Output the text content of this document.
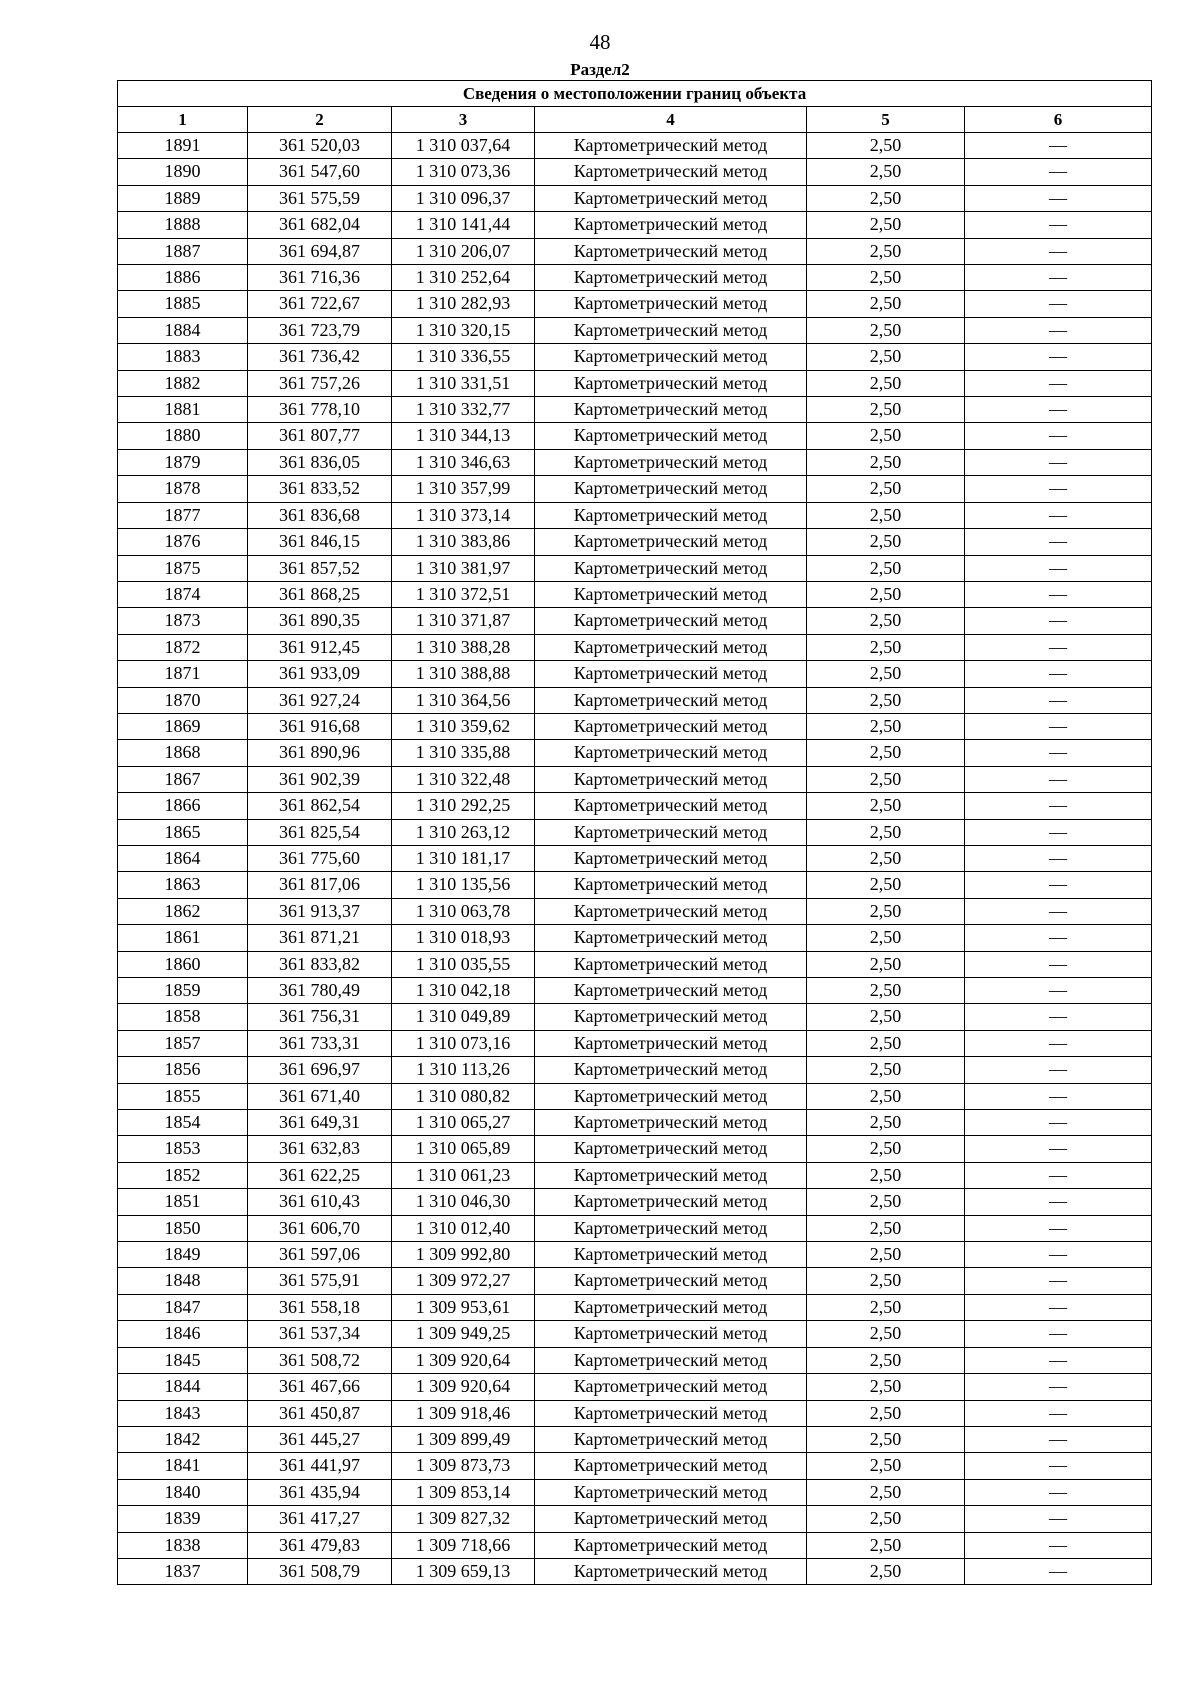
48
Раздел2
Сведения о местоположении границ объекта					
1	2	3	4	5	6
1891	361 520,03	1 310 037,64	Картометрический метод	2,50	—
1890	361 547,60	1 310 073,36	Картометрический метод	2,50	—
1889	361 575,59	1 310 096,37	Картометрический метод	2,50	—
1888	361 682,04	1 310 141,44	Картометрический метод	2,50	—
1887	361 694,87	1 310 206,07	Картометрический метод	2,50	—
1886	361 716,36	1 310 252,64	Картометрический метод	2,50	—
1885	361 722,67	1 310 282,93	Картометрический метод	2,50	—
1884	361 723,79	1 310 320,15	Картометрический метод	2,50	—
1883	361 736,42	1 310 336,55	Картометрический метод	2,50	—
1882	361 757,26	1 310 331,51	Картометрический метод	2,50	—
1881	361 778,10	1 310 332,77	Картометрический метод	2,50	—
1880	361 807,77	1 310 344,13	Картометрический метод	2,50	—
1879	361 836,05	1 310 346,63	Картометрический метод	2,50	—
1878	361 833,52	1 310 357,99	Картометрический метод	2,50	—
1877	361 836,68	1 310 373,14	Картометрический метод	2,50	—
1876	361 846,15	1 310 383,86	Картометрический метод	2,50	—
1875	361 857,52	1 310 381,97	Картометрический метод	2,50	—
1874	361 868,25	1 310 372,51	Картометрический метод	2,50	—
1873	361 890,35	1 310 371,87	Картометрический метод	2,50	—
1872	361 912,45	1 310 388,28	Картометрический метод	2,50	—
1871	361 933,09	1 310 388,88	Картометрический метод	2,50	—
1870	361 927,24	1 310 364,56	Картометрический метод	2,50	—
1869	361 916,68	1 310 359,62	Картометрический метод	2,50	—
1868	361 890,96	1 310 335,88	Картометрический метод	2,50	—
1867	361 902,39	1 310 322,48	Картометрический метод	2,50	—
1866	361 862,54	1 310 292,25	Картометрический метод	2,50	—
1865	361 825,54	1 310 263,12	Картометрический метод	2,50	—
1864	361 775,60	1 310 181,17	Картометрический метод	2,50	—
1863	361 817,06	1 310 135,56	Картометрический метод	2,50	—
1862	361 913,37	1 310 063,78	Картометрический метод	2,50	—
1861	361 871,21	1 310 018,93	Картометрический метод	2,50	—
1860	361 833,82	1 310 035,55	Картометрический метод	2,50	—
1859	361 780,49	1 310 042,18	Картометрический метод	2,50	—
1858	361 756,31	1 310 049,89	Картометрический метод	2,50	—
1857	361 733,31	1 310 073,16	Картометрический метод	2,50	—
1856	361 696,97	1 310 113,26	Картометрический метод	2,50	—
1855	361 671,40	1 310 080,82	Картометрический метод	2,50	—
1854	361 649,31	1 310 065,27	Картометрический метод	2,50	—
1853	361 632,83	1 310 065,89	Картометрический метод	2,50	—
1852	361 622,25	1 310 061,23	Картометрический метод	2,50	—
1851	361 610,43	1 310 046,30	Картометрический метод	2,50	—
1850	361 606,70	1 310 012,40	Картометрический метод	2,50	—
1849	361 597,06	1 309 992,80	Картометрический метод	2,50	—
1848	361 575,91	1 309 972,27	Картометрический метод	2,50	—
1847	361 558,18	1 309 953,61	Картометрический метод	2,50	—
1846	361 537,34	1 309 949,25	Картометрический метод	2,50	—
1845	361 508,72	1 309 920,64	Картометрический метод	2,50	—
1844	361 467,66	1 309 920,64	Картометрический метод	2,50	—
1843	361 450,87	1 309 918,46	Картометрический метод	2,50	—
1842	361 445,27	1 309 899,49	Картометрический метод	2,50	—
1841	361 441,97	1 309 873,73	Картометрический метод	2,50	—
1840	361 435,94	1 309 853,14	Картометрический метод	2,50	—
1839	361 417,27	1 309 827,32	Картометрический метод	2,50	—
1838	361 479,83	1 309 718,66	Картометрический метод	2,50	—
1837	361 508,79	1 309 659,13	Картометрический метод	2,50	—
